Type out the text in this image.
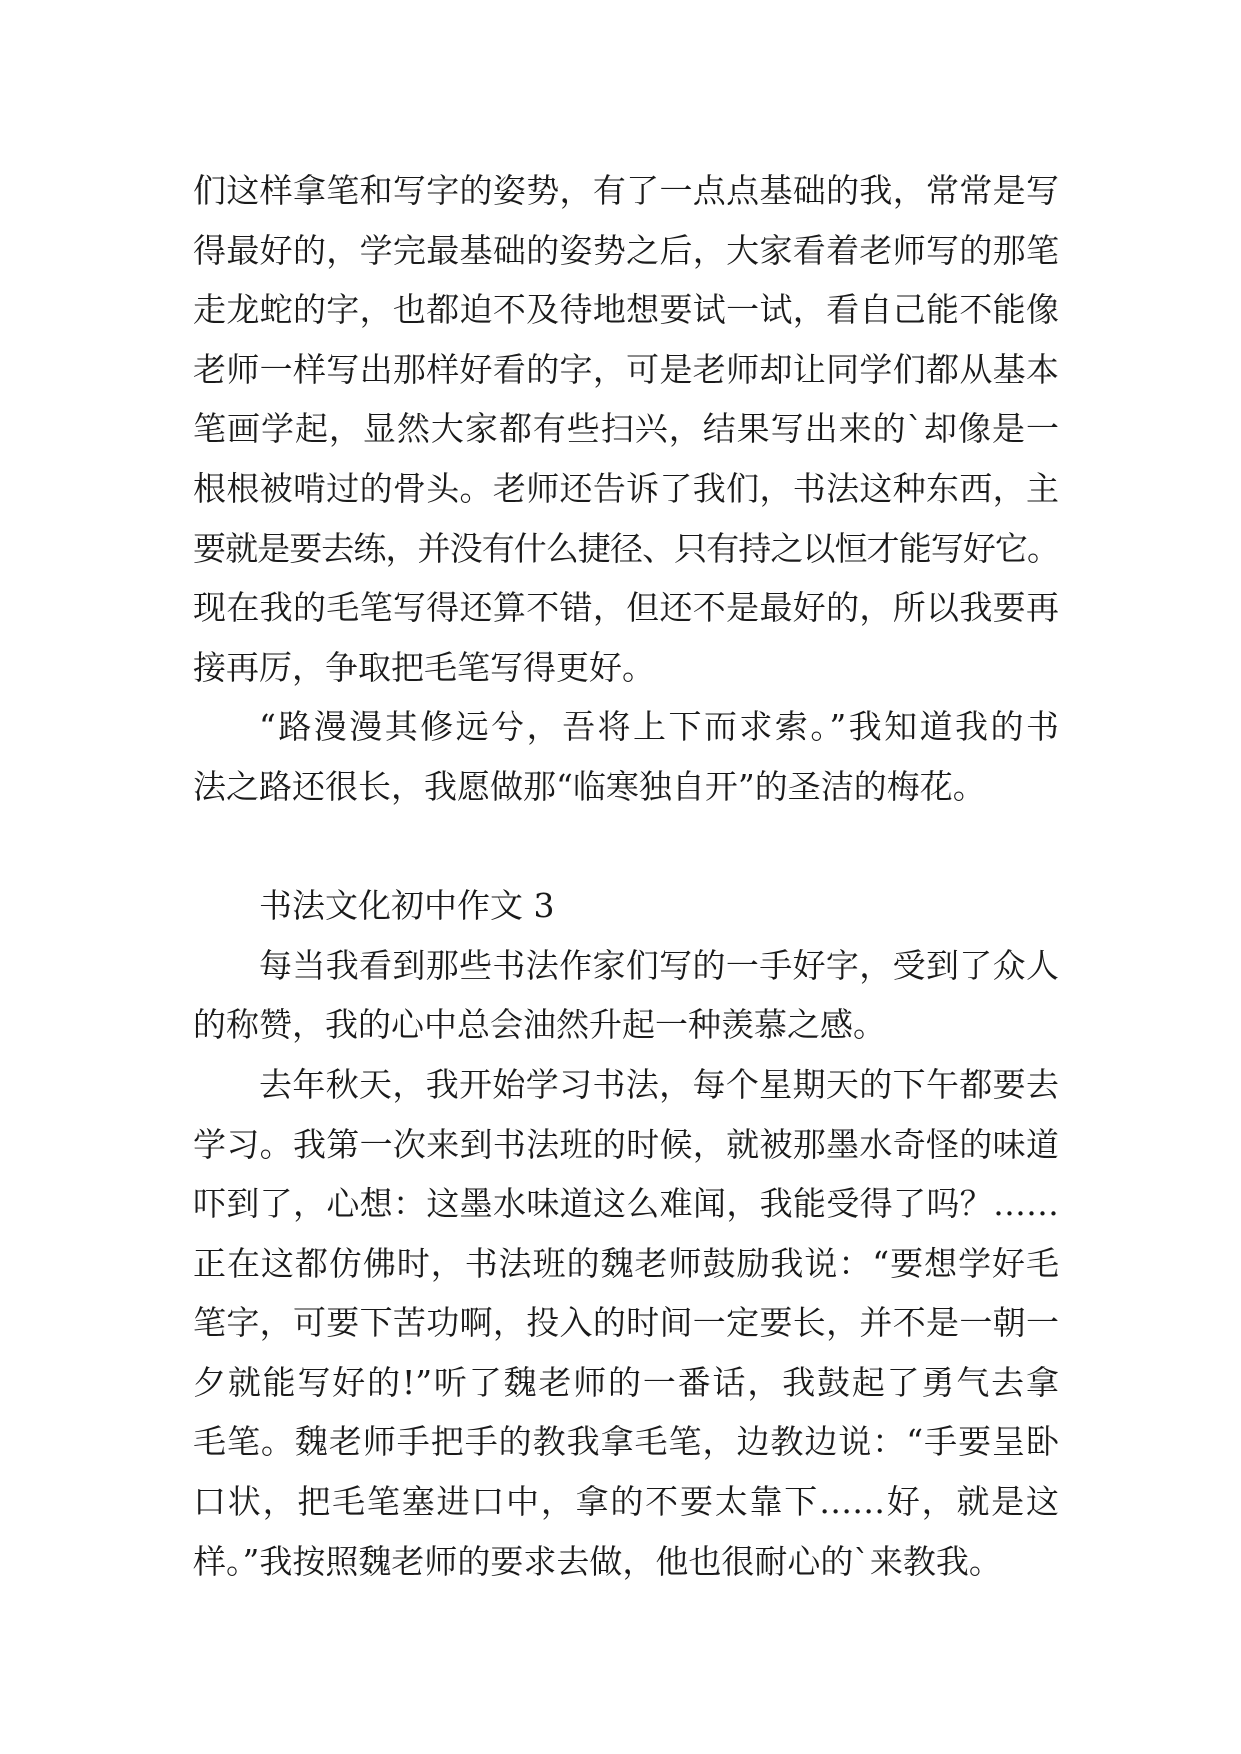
们这样拿笔和写字的姿势，有了一点点基础的我，常常是写
得最好的，学完最基础的姿势之后，大家看着老师写的那笔
走龙蛇的字，也都迫不及待地想要试一试，看自己能不能像
老师一样写出那样好看的字，可是老师却让同学们都从基本
笔画学起，显然大家都有些扫兴，结果写出来的`却像是一
根根被啃过的骨头。老师还告诉了我们，书法这种东西，主
要就是要去练，并没有什么捷径、只有持之以恒才能写好它。
现在我的毛笔写得还算不错，但还不是最好的，所以我要再
接再厉，争取把毛笔写得更好。
“路漫漫其修远兮，吾将上下而求索。”我知道我的书
法之路还很长，我愿做那“临寒独自开”的圣洁的梅花。
书法文化初中作文 3
每当我看到那些书法作家们写的一手好字，受到了众人
的称赞，我的心中总会油然升起一种羡慕之感。
去年秋天，我开始学习书法，每个星期天的下午都要去
学习。我第一次来到书法班的时候，就被那墨水奇怪的味道
吓到了，心想：这墨水味道这么难闻，我能受得了吗？……
正在这都仿佛时，书法班的魏老师鼓励我说：“要想学好毛
笔字，可要下苦功啊，投入的时间一定要长，并不是一朝一
夕就能写好的!”听了魏老师的一番话，我鼓起了勇气去拿
毛笔。魏老师手把手的教我拿毛笔，边教边说：“手要呈卧
口状，把毛笔塞进口中，拿的不要太靠下……好，就是这
样。”我按照魏老师的要求去做，他也很耐心的`来教我。
